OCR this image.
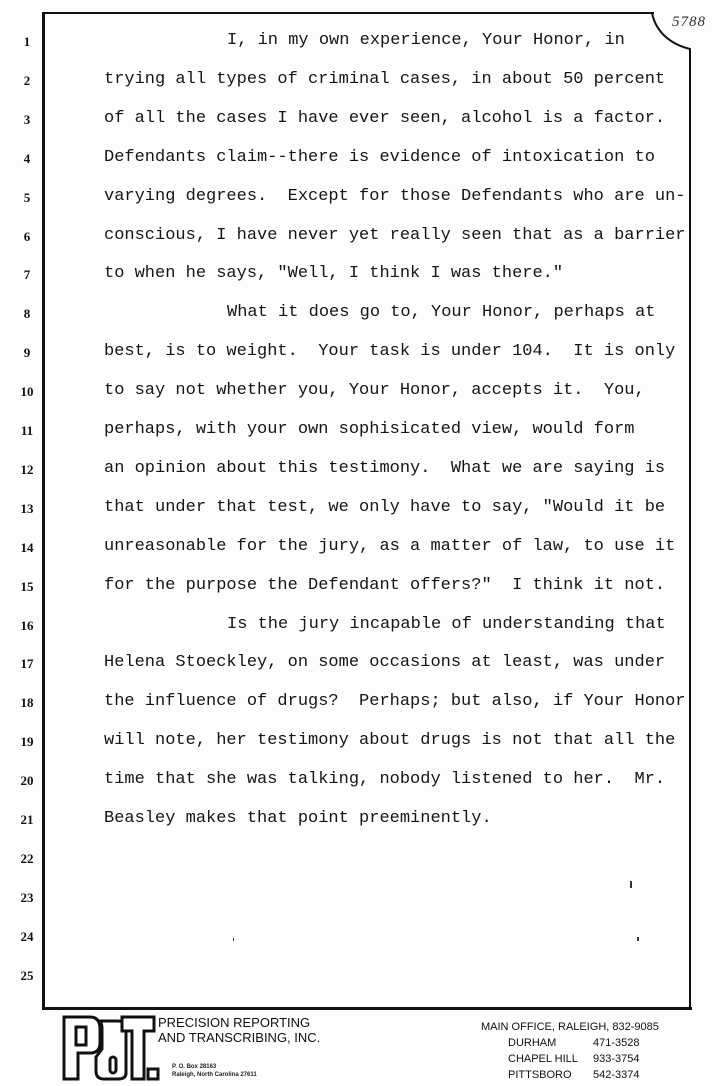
5788
1
2
3
4
5
6
7
8
9
10
11
12
13
14
15
16
17
18
19
20
21
22
23
24
25
I, in my own experience, Your Honor, in
trying all types of criminal cases, in about 50 percent
of all the cases I have ever seen, alcohol is a factor.
Defendants claim--there is evidence of intoxication to
varying degrees.  Except for those Defendants who are un-
conscious, I have never yet really seen that as a barrier
to when he says, "Well, I think I was there."
What it does go to, Your Honor, perhaps at
best, is to weight.  Your task is under 104.  It is only
to say not whether you, Your Honor, accepts it.  You,
perhaps, with your own sophisicated view, would form
an opinion about this testimony.  What we are saying is
that under that test, we only have to say, "Would it be
unreasonable for the jury, as a matter of law, to use it
for the purpose the Defendant offers?"  I think it not.
Is the jury incapable of understanding that
Helena Stoeckley, on some occasions at least, was under
the influence of drugs?  Perhaps; but also, if Your Honor
will note, her testimony about drugs is not that all the
time that she was talking, nobody listened to her.  Mr.
Beasley makes that point preeminently.
PRECISION REPORTING
AND TRANSCRIBING, INC.
P. O. Box 28163
Raleigh, North Carolina 27611
MAIN OFFICE, RALEIGH, 832-9085
DURHAM	471-3528
CHAPEL HILL 933-3754
PITTSBORO 542-3374
